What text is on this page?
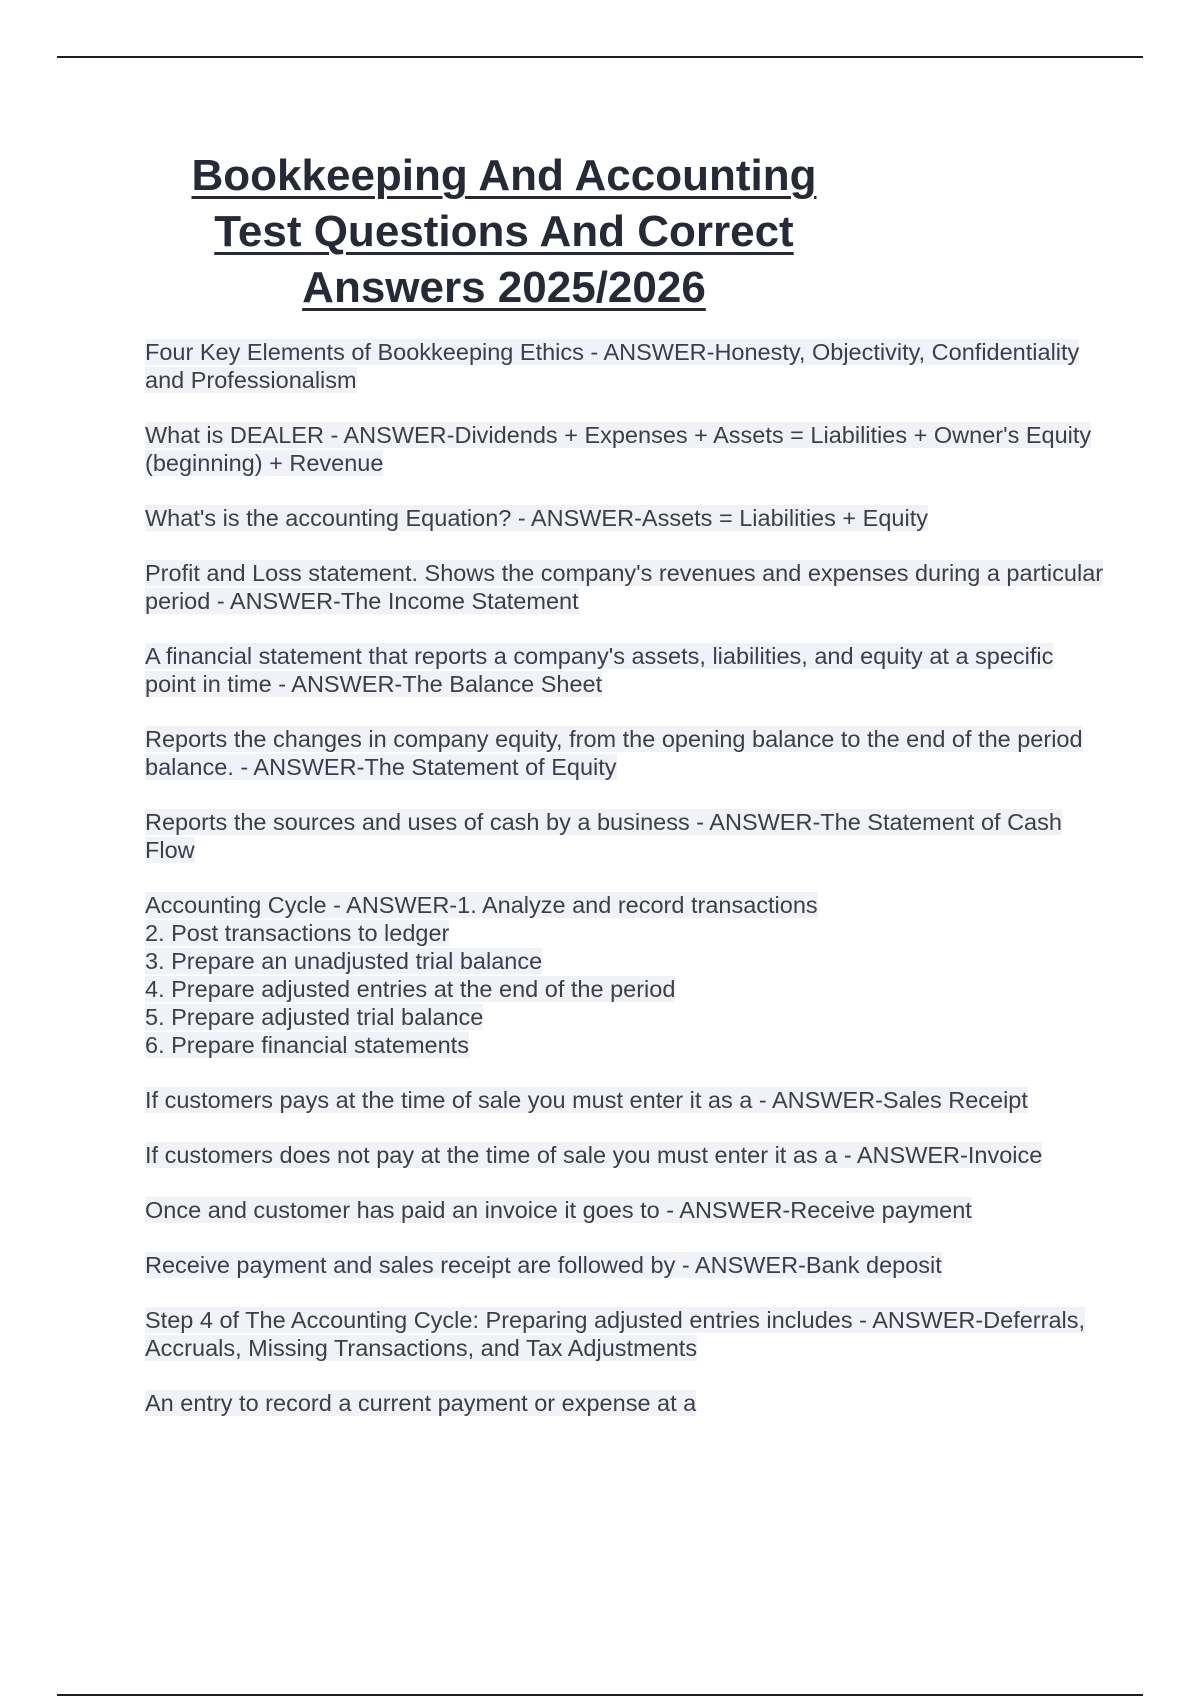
Bookkeeping And Accounting
Test Questions And Correct
Answers 2025/2026

Four Key Elements of Bookkeeping Ethics - ANSWER-Honesty, Objectivity, Confidentiality and Professionalism

What is DEALER - ANSWER-Dividends + Expenses + Assets = Liabilities + Owner's Equity (beginning) + Revenue

What's is the accounting Equation? - ANSWER-Assets = Liabilities + Equity

Profit and Loss statement. Shows the company's revenues and expenses during a particular period - ANSWER-The Income Statement

A financial statement that reports a company's assets, liabilities, and equity at a specific point in time - ANSWER-The Balance Sheet

Reports the changes in company equity, from the opening balance to the end of the period balance. - ANSWER-The Statement of Equity

Reports the sources and uses of cash by a business - ANSWER-The Statement of Cash Flow

Accounting Cycle - ANSWER-1. Analyze and record transactions
2. Post transactions to ledger
3. Prepare an unadjusted trial balance
4. Prepare adjusted entries at the end of the period
5. Prepare adjusted trial balance
6. Prepare financial statements

If customers pays at the time of sale you must enter it as a - ANSWER-Sales Receipt

If customers does not pay at the time of sale you must enter it as a - ANSWER-Invoice

Once and customer has paid an invoice it goes to - ANSWER-Receive payment

Receive payment and sales receipt are followed by - ANSWER-Bank deposit

Step 4 of The Accounting Cycle: Preparing adjusted entries includes - ANSWER-Deferrals, Accruals, Missing Transactions, and Tax Adjustments

An entry to record a current payment or expense at a
